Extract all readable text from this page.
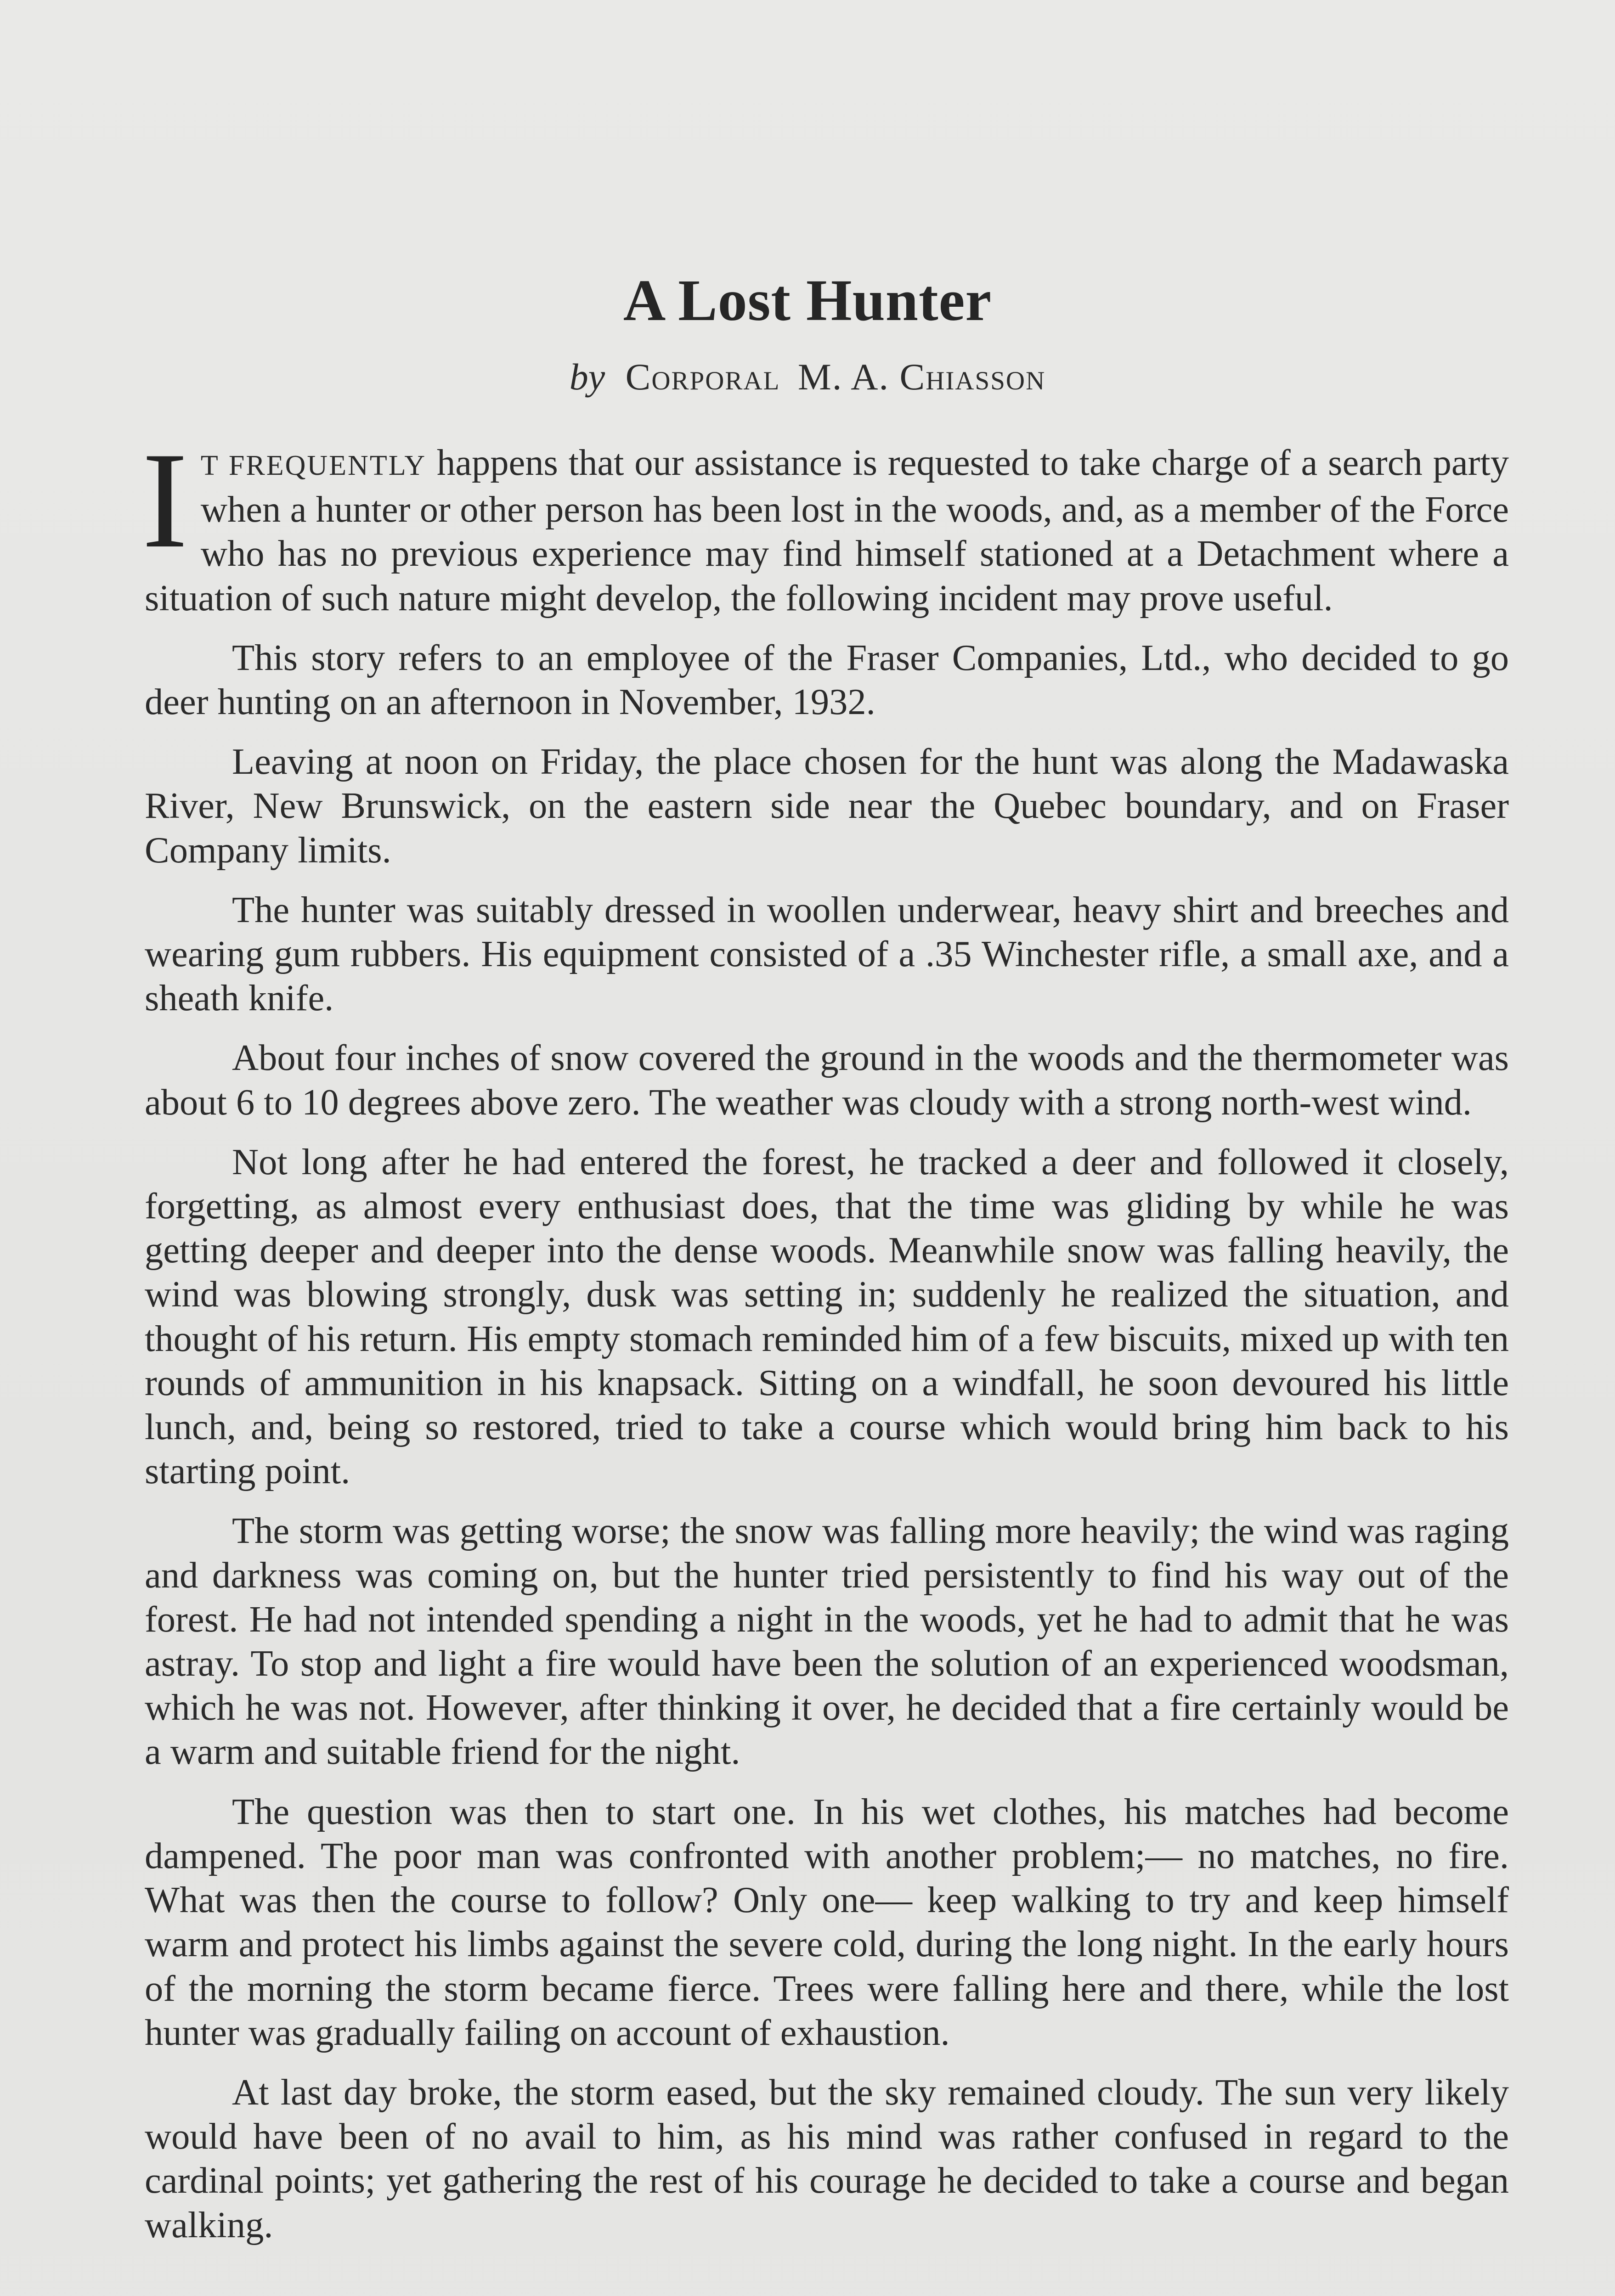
A Lost Hunter
by Corporal M. A. Chiasson

IT FREQUENTLY happens that our assistance is requested to take charge of a search party when a hunter or other person has been lost in the woods, and, as a member of the Force who has no previous experience may find himself stationed at a Detachment where a situation of such nature might develop, the following incident may prove useful.

This story refers to an employee of the Fraser Companies, Ltd., who decided to go deer hunting on an afternoon in November, 1932.

Leaving at noon on Friday, the place chosen for the hunt was along the Madawaska River, New Brunswick, on the eastern side near the Quebec boundary, and on Fraser Company limits.

The hunter was suitably dressed in woollen underwear, heavy shirt and breeches and wearing gum rubbers. His equipment consisted of a .35 Winchester rifle, a small axe, and a sheath knife.

About four inches of snow covered the ground in the woods and the thermometer was about 6 to 10 degrees above zero. The weather was cloudy with a strong north-west wind.

Not long after he had entered the forest, he tracked a deer and followed it closely, forgetting, as almost every enthusiast does, that the time was gliding by while he was getting deeper and deeper into the dense woods. Meanwhile snow was falling heavily, the wind was blowing strongly, dusk was setting in; suddenly he realized the situation, and thought of his return. His empty stomach reminded him of a few biscuits, mixed up with ten rounds of ammunition in his knapsack. Sitting on a windfall, he soon devoured his little lunch, and, being so restored, tried to take a course which would bring him back to his starting point.

The storm was getting worse; the snow was falling more heavily; the wind was raging and darkness was coming on, but the hunter tried persistently to find his way out of the forest. He had not intended spending a night in the woods, yet he had to admit that he was astray. To stop and light a fire would have been the solution of an experienced woodsman, which he was not. However, after thinking it over, he decided that a fire certainly would be a warm and suitable friend for the night.

The question was then to start one. In his wet clothes, his matches had become dampened. The poor man was confronted with another problem;— no matches, no fire. What was then the course to follow? Only one— keep walking to try and keep himself warm and protect his limbs against the severe cold, during the long night. In the early hours of the morning the storm became fierce. Trees were falling here and there, while the lost hunter was gradually failing on account of exhaustion.

At last day broke, the storm eased, but the sky remained cloudy. The sun very likely would have been of no avail to him, as his mind was rather confused in regard to the cardinal points; yet gathering the rest of his courage he decided to take a course and began walking.
